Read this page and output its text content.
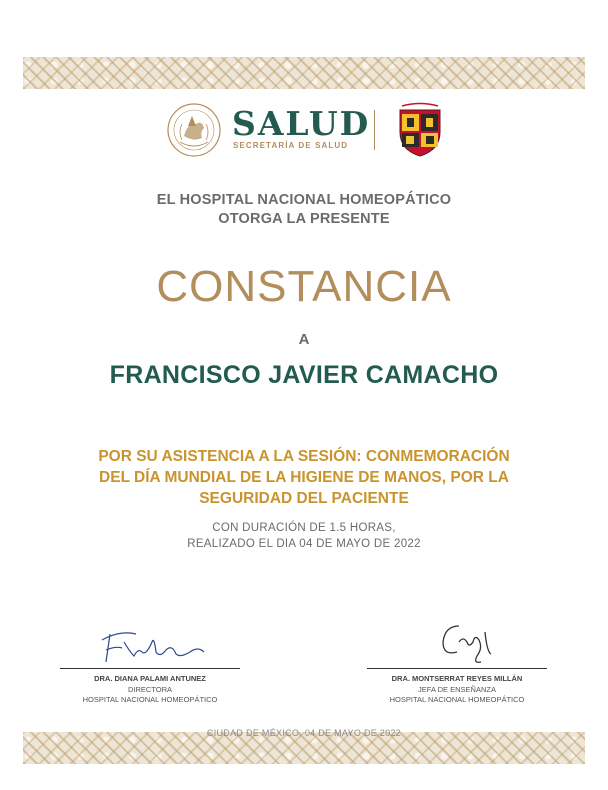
SALUD
SECRETARÍA DE SALUD

EL HOSPITAL NACIONAL HOMEOPÁTICO
OTORGA LA PRESENTE

CONSTANCIA

A

FRANCISCO JAVIER CAMACHO

POR SU ASISTENCIA A LA SESIÓN: CONMEMORACIÓN
DEL DÍA MUNDIAL DE LA HIGIENE DE MANOS, POR LA
SEGURIDAD DEL PACIENTE

CON DURACIÓN DE 1.5 HORAS,
REALIZADO EL DIA 04 DE MAYO DE 2022

DRA. DIANA PALAMI ANTUNEZ

DIRECTORA

HOSPITAL NACIONAL HOMEOPÁTICO

DRA. MONTSERRAT REYES MILLÁN

JEFA DE ENSEÑANZA

HOSPITAL NACIONAL HOMEOPÁTICO

CIUDAD DE MÉXICO, 04 DE MAYO DE 2022
